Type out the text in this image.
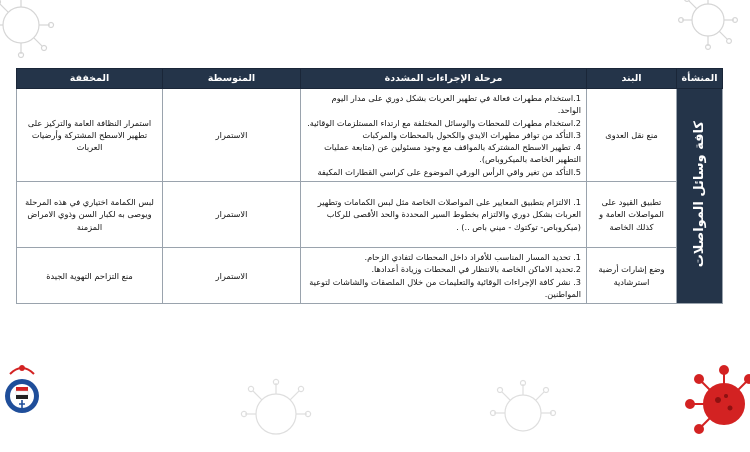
المنشأة	البند	مرحلة الإجراءات المشددة	المتوسطة	المخففة
كافة وسائل المواصلات	منع نقل العدوى	1.استخدام مطهرات فعالة في تطهير العربات بشكل دوري على مدار اليوم الواحد.
2.استخدام مطهرات للمحطات والوسائل المختلفة مع ارتداء المستلزمات الوقائية.
3.التأكد من توافر مطهرات الايدي والكحول بالمحطات والمركبات
4. تطهير الاسطح المشتركة بالمواقف مع وجود مسئولين عن (متابعة عمليات التطهير الخاصة بالميكروباص).
5.التأكد من تغير واقي الرأس الورقي الموضوع على كراسي القطارات المكيفة	الاستمرار	استمرار النظافة العامة والتركيز على تطهير الاسطح المشتركة وأرضيات العربات
	تطبيق القيود على المواصلات العامة و كذلك الخاصة	1. الالتزام بتطبيق المعايير على المواصلات الخاصة مثل لبس الكمامات وتطهير العربات بشكل دوري والالتزام بخطوط السير المحددة والحد الأقصى للركاب (ميكروباص- توكتوك - ميني باص ..) .	الاستمرار	لبس الكمامة اختياري في هذه المرحلة ويوصى به لكبار السن وذوي الامراض المزمنة
	وضع إشارات أرضية استرشادية	1. تحديد المسار المناسب للأفراد داخل المحطات لتفادي الزحام.
2.تحديد الاماكن الخاصة بالانتظار في المحطات وزيادة أعدادها.
3. نشر كافة الإجراءات الوقائية والتعليمات من خلال الملصقات والشاشات لتوعية المواطنين.	الاستمرار	منع التزاحم التهوية الجيدة
